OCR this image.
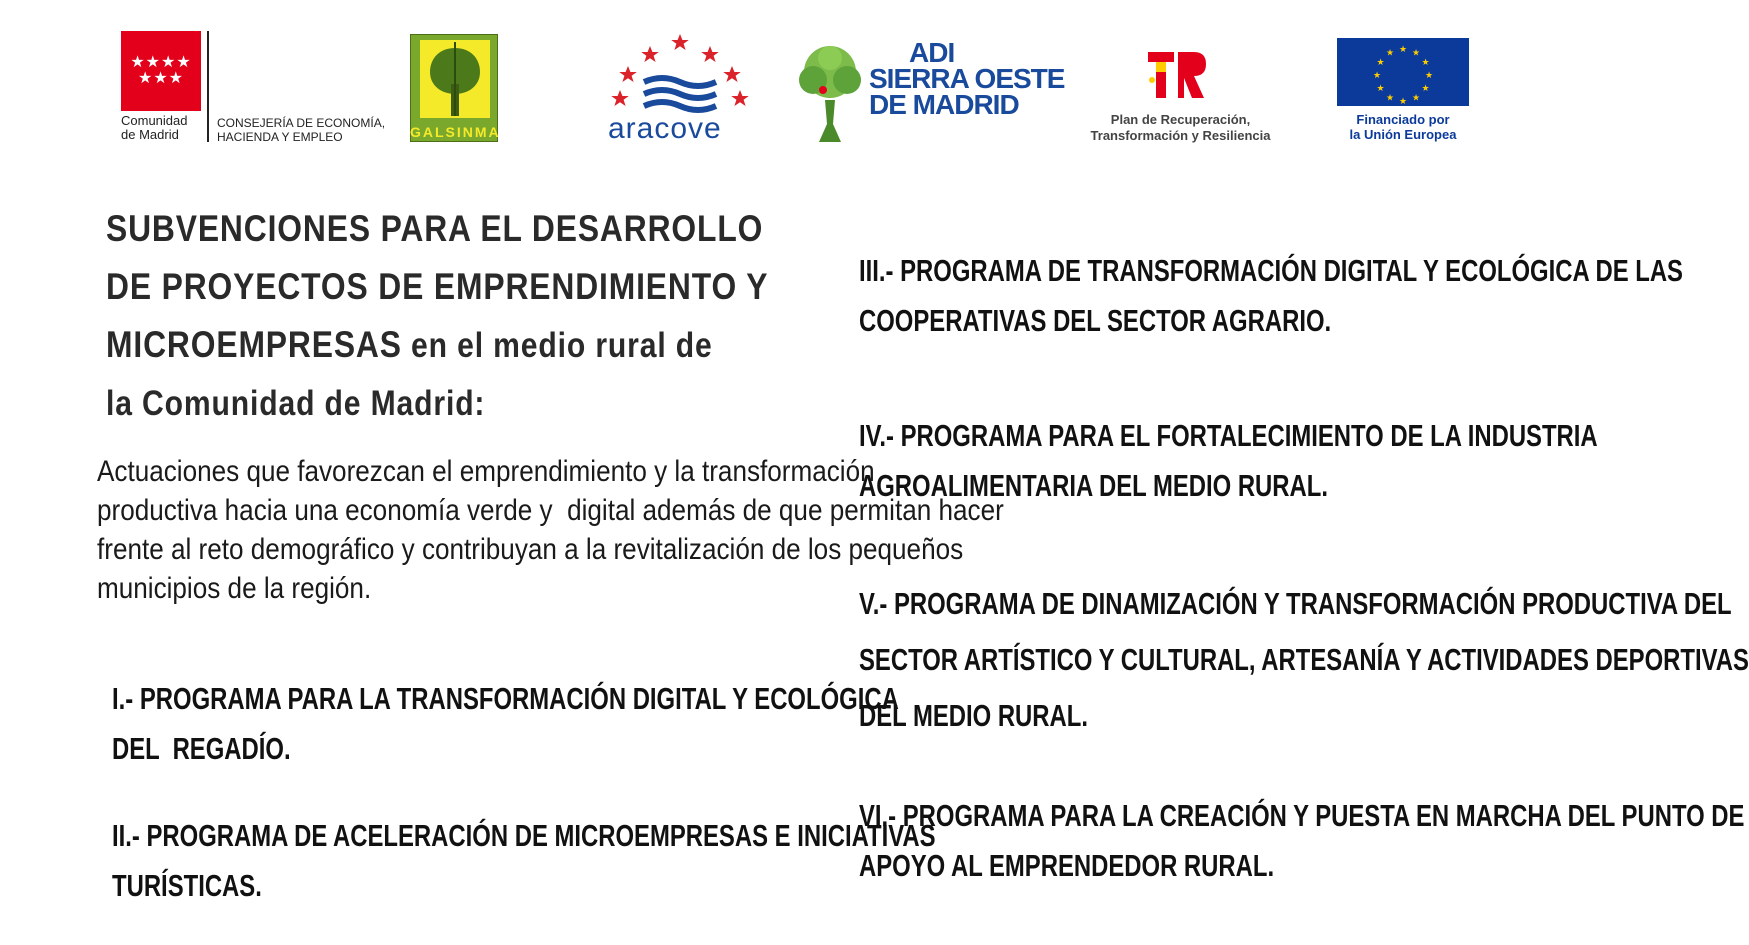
★★★★
★★★
Comunidad
de Madrid
CONSEJERÍA DE ECONOMÍA,
HACIENDA Y EMPLEO	GALSINMA	aracove
ADI
SIERRA OESTE
DE MADRID	Plan de Recuperación,
Transformación y Resiliencia
★ ★
★
★
★
★
★
★
★
★
★
★
Financiado por
la Unión Europea
SUBVENCIONES PARA EL DESARROLLO
DE PROYECTOS DE EMPRENDIMIENTO Y
MICROEMPRESAS en el medio rural de
la Comunidad de Madrid:
Actuaciones que favorezcan el emprendimiento y la transformación
productiva hacia una economía verde y  digital además de que permitan hacer
frente al reto demográfico y contribuyan a la revitalización de los pequeños
municipios de la región.
I.- PROGRAMA PARA LA TRANSFORMACIÓN DIGITAL Y ECOLÓGICA
DEL  REGADÍO.
II.- PROGRAMA DE ACELERACIÓN DE MICROEMPRESAS E INICIATIVAS
TURÍSTICAS.
III.- PROGRAMA DE TRANSFORMACIÓN DIGITAL Y ECOLÓGICA DE LAS
COOPERATIVAS DEL SECTOR AGRARIO.
IV.- PROGRAMA PARA EL FORTALECIMIENTO DE LA INDUSTRIA
AGROALIMENTARIA DEL MEDIO RURAL.
V.- PROGRAMA DE DINAMIZACIÓN Y TRANSFORMACIÓN PRODUCTIVA DEL
SECTOR ARTÍSTICO Y CULTURAL, ARTESANÍA Y ACTIVIDADES DEPORTIVAS
DEL MEDIO RURAL.
VI.- PROGRAMA PARA LA CREACIÓN Y PUESTA EN MARCHA DEL PUNTO DE
APOYO AL EMPRENDEDOR RURAL.
